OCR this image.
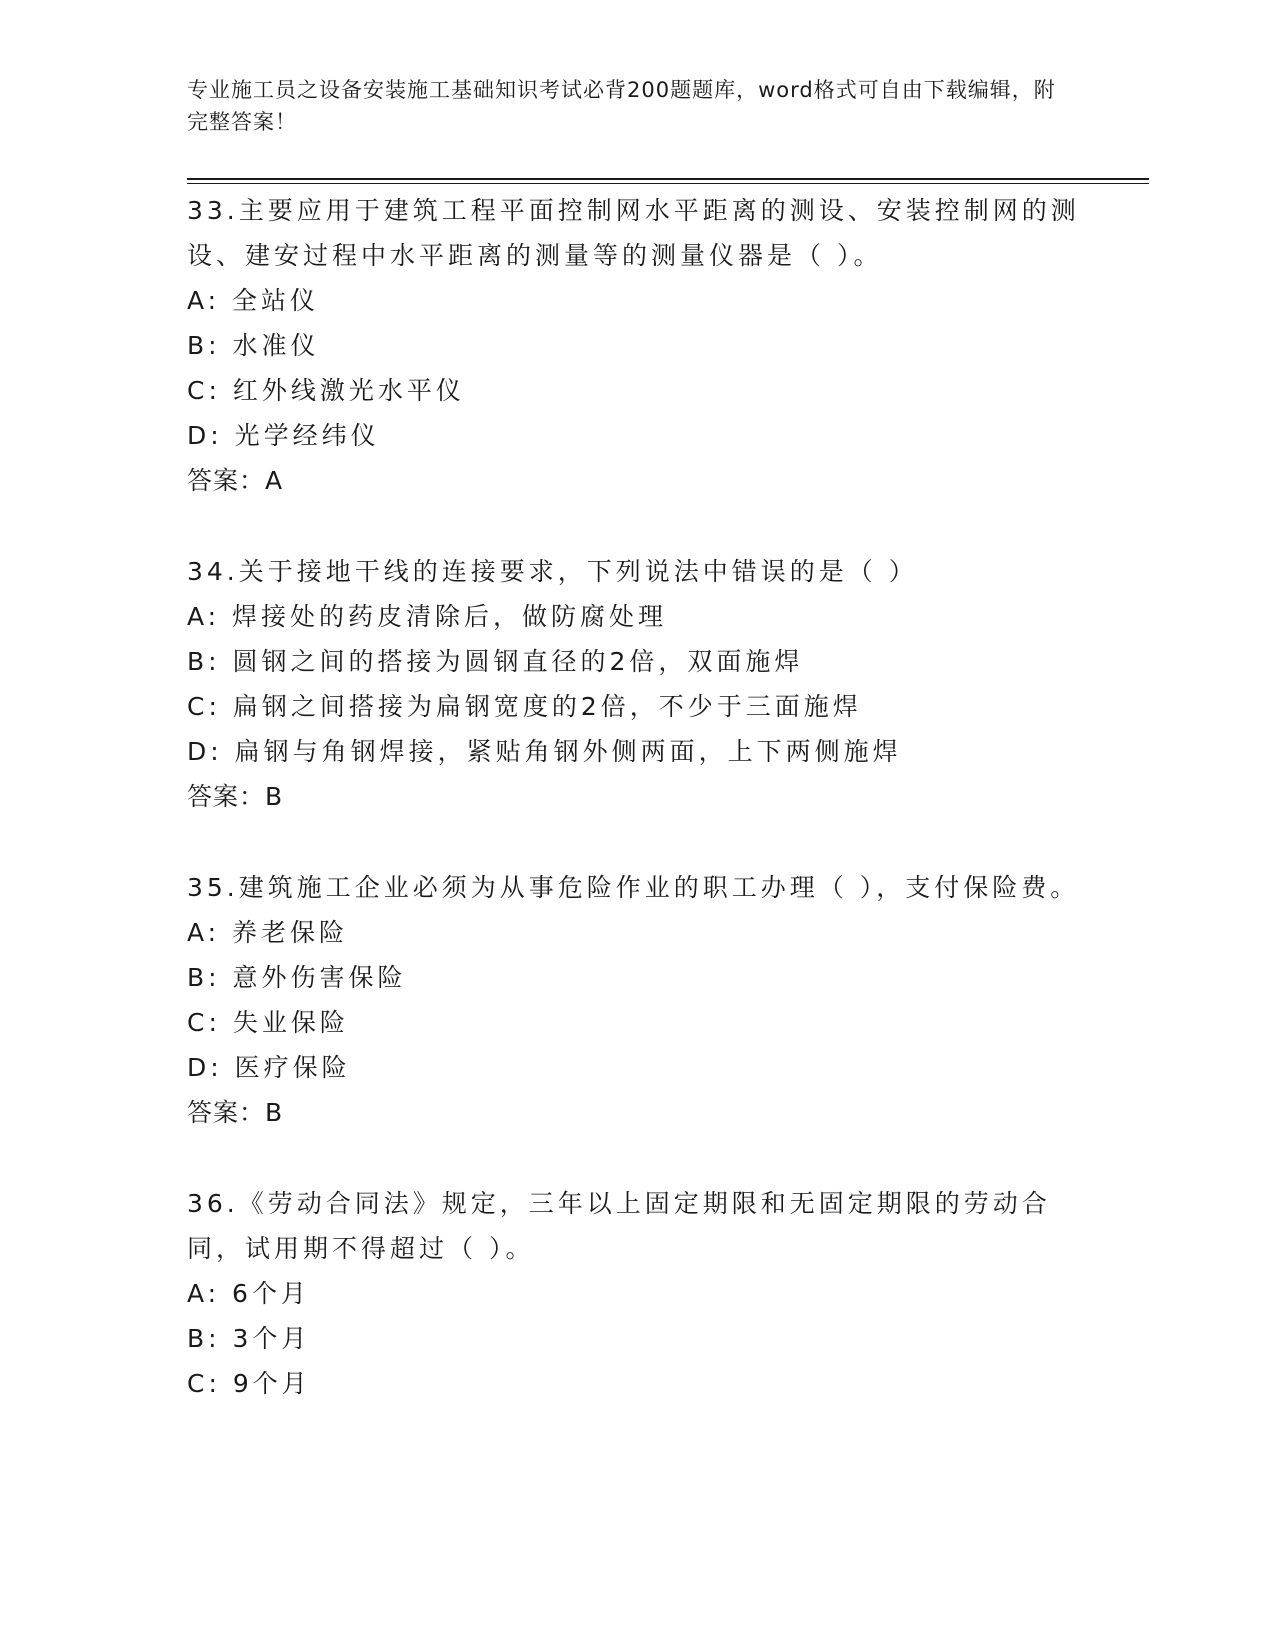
专业施工员之设备安装施工基础知识考试必背200题题库，word格式可自由下载编辑，附完整答案！
33.主要应用于建筑工程平面控制网水平距离的测设、安装控制网的测设、建安过程中水平距离的测量等的测量仪器是（ ）。
A: 全站仪
B: 水准仪
C: 红外线激光水平仪
D: 光学经纬仪
答案：A
34.关于接地干线的连接要求，下列说法中错误的是（ ）
A: 焊接处的药皮清除后，做防腐处理
B: 圆钢之间的搭接为圆钢直径的2倍，双面施焊
C: 扁钢之间搭接为扁钢宽度的2倍，不少于三面施焊
D: 扁钢与角钢焊接，紧贴角钢外侧两面，上下两侧施焊
答案：B
35.建筑施工企业必须为从事危险作业的职工办理（ ），支付保险费。
A: 养老保险
B: 意外伤害保险
C: 失业保险
D: 医疗保险
答案：B
36.《劳动合同法》规定，三年以上固定期限和无固定期限的劳动合同，试用期不得超过（ ）。
A: 6个月
B: 3个月
C: 9个月
